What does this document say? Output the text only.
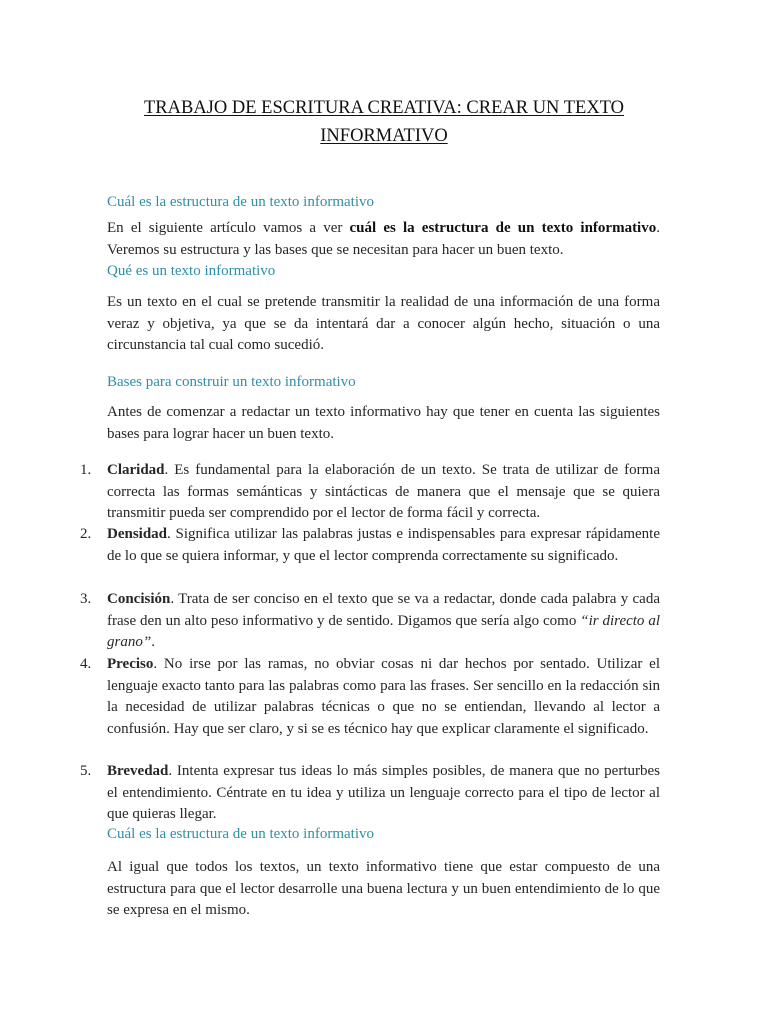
TRABAJO DE ESCRITURA CREATIVA: CREAR UN TEXTO INFORMATIVO
Cuál es la estructura de un texto informativo

En el siguiente artículo vamos a ver cuál es la estructura de un texto informativo. Veremos su estructura y las bases que se necesitan para hacer un buen texto.

Qué es un texto informativo

Es un texto en el cual se pretende transmitir la realidad de una información de una forma veraz y objetiva, ya que se da intentará dar a conocer algún hecho, situación o una circunstancia tal cual como sucedió.

Bases para construir un texto informativo

Antes de comenzar a redactar un texto informativo hay que tener en cuenta las siguientes bases para lograr hacer un buen texto.

1. Claridad. Es fundamental para la elaboración de un texto. Se trata de utilizar de forma correcta las formas semánticas y sintácticas de manera que el mensaje que se quiera transmitir pueda ser comprendido por el lector de forma fácil y correcta.

2. Densidad. Significa utilizar las palabras justas e indispensables para expresar rápidamente de lo que se quiera informar, y que el lector comprenda correctamente su significado.

3. Concisión. Trata de ser conciso en el texto que se va a redactar, donde cada palabra y cada frase den un alto peso informativo y de sentido. Digamos que sería algo como “ir directo al grano”.

4. Preciso. No irse por las ramas, no obviar cosas ni dar hechos por sentado. Utilizar el lenguaje exacto tanto para las palabras como para las frases. Ser sencillo en la redacción sin la necesidad de utilizar palabras técnicas o que no se entiendan, llevando al lector a confusión. Hay que ser claro, y si se es técnico hay que explicar claramente el significado.

5. Brevedad. Intenta expresar tus ideas lo más simples posibles, de manera que no perturbes el entendimiento. Céntrate en tu idea y utiliza un lenguaje correcto para el tipo de lector al que quieras llegar.

Cuál es la estructura de un texto informativo

Al igual que todos los textos, un texto informativo tiene que estar compuesto de una estructura para que el lector desarrolle una buena lectura y un buen entendimiento de lo que se expresa en el mismo.
